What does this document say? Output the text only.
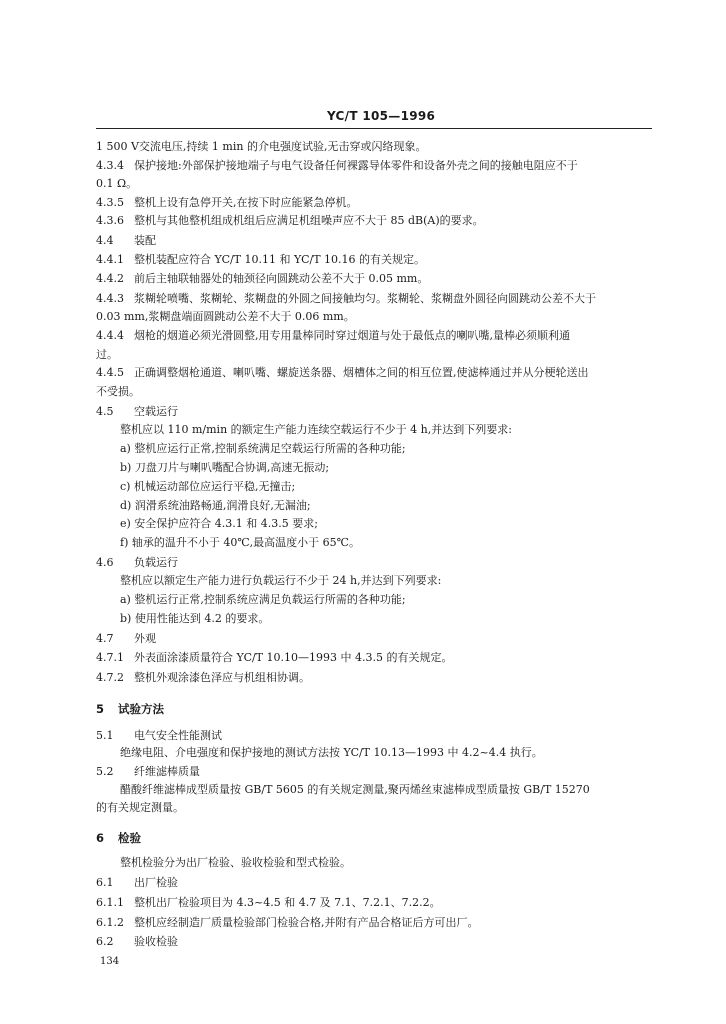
YC/T 105—1996
1 500 V交流电压,持续 1 min 的介电强度试验,无击穿或闪络现象。
4.3.4 保护接地:外部保护接地端子与电气设备任何裸露导体零件和设备外壳之间的接触电阻应不于
0.1 Ω。
4.3.5 整机上设有急停开关,在按下时应能紧急停机。
4.3.6 整机与其他整机组成机组后应满足机组噪声应不大于 85 dB(A)的要求。
4.4 装配
4.4.1 整机装配应符合 YC/T 10.11 和 YC/T 10.16 的有关规定。
4.4.2 前后主轴联轴器处的轴颈径向圆跳动公差不大于 0.05 mm。
4.4.3 浆糊轮喷嘴、浆糊轮、浆糊盘的外圆之间接触均匀。浆糊轮、浆糊盘外圆径向圆跳动公差不大于
0.03 mm,浆糊盘端面圆跳动公差不大于 0.06 mm。
4.4.4 烟枪的烟道必须光滑圆整,用专用量棒同时穿过烟道与处于最低点的喇叭嘴,量棒必须顺利通
过。
4.4.5 正确调整烟枪通道、喇叭嘴、螺旋送条器、烟槽体之间的相互位置,使滤棒通过并从分梗轮送出
不受损。
4.5 空载运行
整机应以 110 m/min 的额定生产能力连续空载运行不少于 4 h,并达到下列要求:
a) 整机应运行正常,控制系统满足空载运行所需的各种功能;
b) 刀盘刀片与喇叭嘴配合协调,高速无振动;
c) 机械运动部位应运行平稳,无撞击;
d) 润滑系统油路畅通,润滑良好,无漏油;
e) 安全保护应符合 4.3.1 和 4.3.5 要求;
f) 轴承的温升不小于 40℃,最高温度小于 65℃。
4.6 负载运行
整机应以额定生产能力进行负载运行不少于 24 h,并达到下列要求:
a) 整机运行正常,控制系统应满足负载运行所需的各种功能;
b) 使用性能达到 4.2 的要求。
4.7 外观
4.7.1 外表面涂漆质量符合 YC/T 10.10—1993 中 4.3.5 的有关规定。
4.7.2 整机外观涂漆色泽应与机组相协调。
5 试验方法
5.1 电气安全性能测试
绝缘电阻、介电强度和保护接地的测试方法按 YC/T 10.13—1993 中 4.2~4.4 执行。
5.2 纤维滤棒质量
醋酸纤维滤棒成型质量按 GB/T 5605 的有关规定测量,聚丙烯丝束滤棒成型质量按 GB/T 15270
的有关规定测量。
6 检验
整机检验分为出厂检验、验收检验和型式检验。
6.1 出厂检验
6.1.1 整机出厂检验项目为 4.3~4.5 和 4.7 及 7.1、7.2.1、7.2.2。
6.1.2 整机应经制造厂质量检验部门检验合格,并附有产品合格证后方可出厂。
6.2 验收检验
134
